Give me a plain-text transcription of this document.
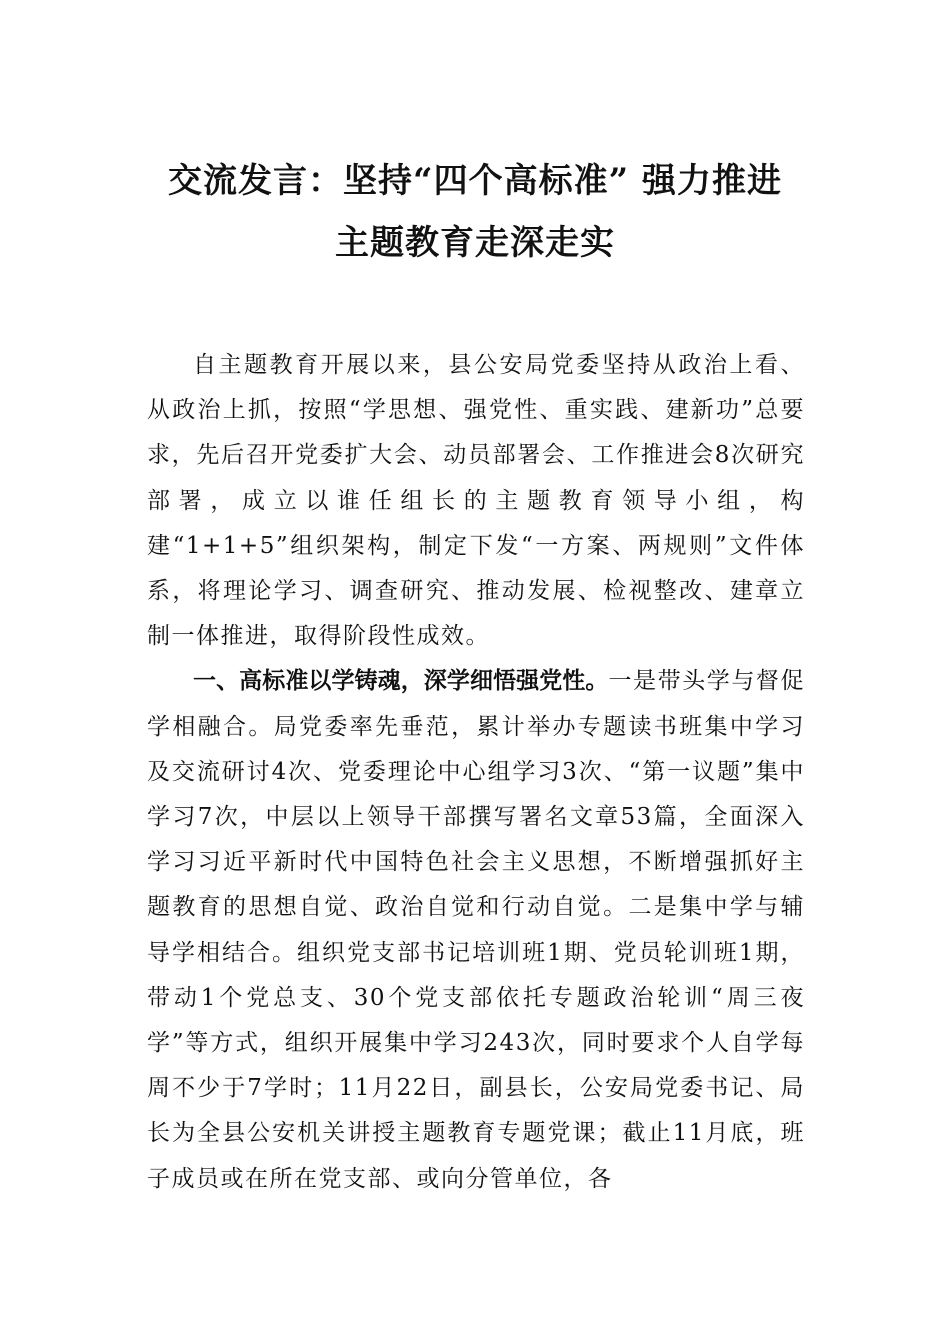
交流发言：坚持“四个高标准” 强力推进
主题教育走深走实

自主题教育开展以来，县公安局党委坚持从政治上看、从政治上抓，按照“学思想、强党性、重实践、建新功”总要求，先后召开党委扩大会、动员部署会、工作推进会8次研究部署，成立以谁任组长的主题教育领导小组，构建“1+1+5”组织架构，制定下发“一方案、两规则”文件体系，将理论学习、调查研究、推动发展、检视整改、建章立制一体推进，取得阶段性成效。

一、高标准以学铸魂，深学细悟强党性。一是带头学与督促学相融合。局党委率先垂范，累计举办专题读书班集中学习及交流研讨4次、党委理论中心组学习3次、“第一议题”集中学习7次，中层以上领导干部撰写署名文章53篇，全面深入学习习近平新时代中国特色社会主义思想，不断增强抓好主题教育的思想自觉、政治自觉和行动自觉。二是集中学与辅导学相结合。组织党支部书记培训班1期、党员轮训班1期，带动1个党总支、30个党支部依托专题政治轮训“周三夜学”等方式，组织开展集中学习243次，同时要求个人自学每周不少于7学时；11月22日，副县长，公安局党委书记、局长为全县公安机关讲授主题教育专题党课；截止11月底，班子成员或在所在党支部、或向分管单位，各
